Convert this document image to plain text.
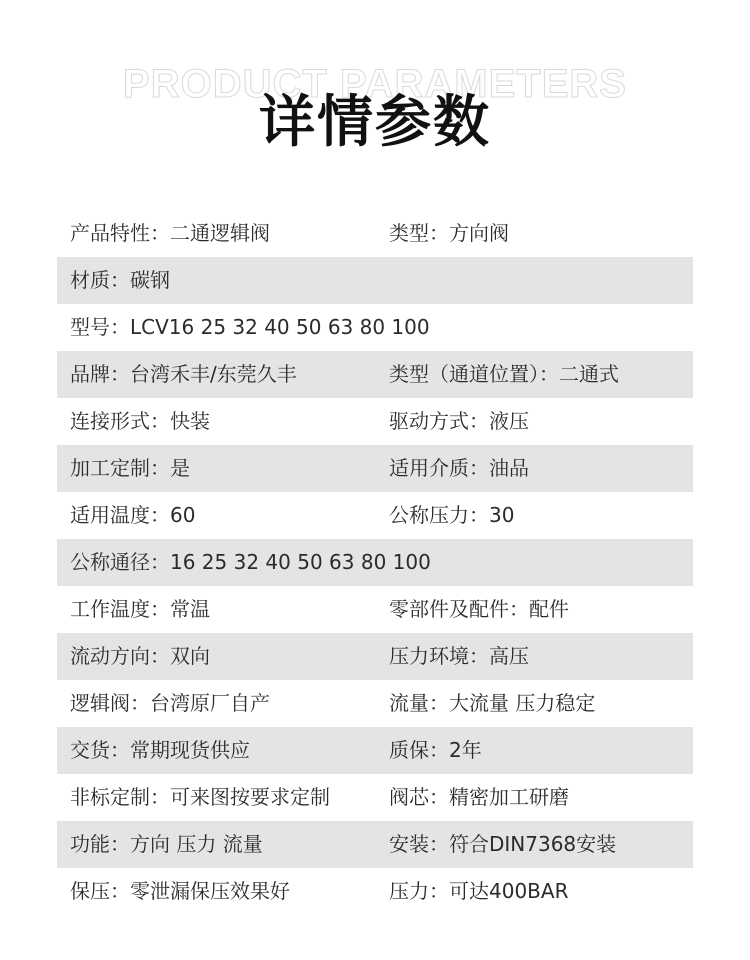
PRODUCT PARAMETERS
详情参数
产品特性：二通逻辑阀	类型：方向阀
材质：碳钢
型号：LCV16 25 32 40 50 63 80 100
品牌：台湾禾丰/东莞久丰	类型（通道位置）：二通式
连接形式：快装	驱动方式：液压
加工定制：是	适用介质：油品
适用温度：60	公称压力：30
公称通径：16 25 32 40 50 63 80 100
工作温度：常温	零部件及配件：配件
流动方向：双向	压力环境：高压
逻辑阀：台湾原厂自产	流量：大流量 压力稳定
交货：常期现货供应	质保：2年
非标定制：可来图按要求定制	阀芯：精密加工研磨
功能：方向 压力 流量	安装：符合DIN7368安装
保压：零泄漏保压效果好	压力：可达400BAR
